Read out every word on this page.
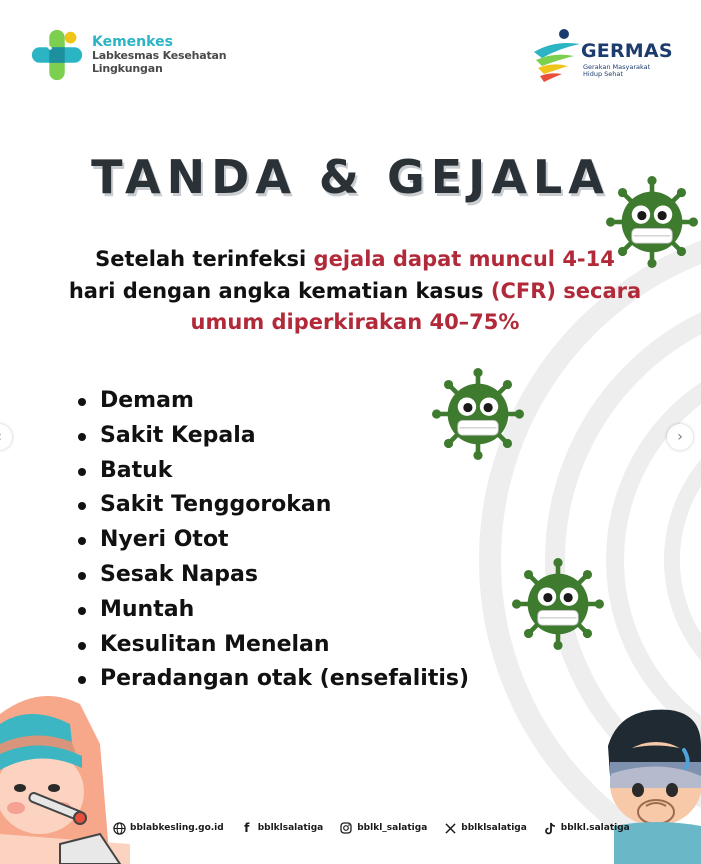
Kemenkes
Labkesmas Kesehatan Lingkungan
GERMAS
Gerakan Masyarakat
Hidup Sehat
TANDA & GEJALA
Setelah terinfeksi gejala dapat muncul 4-14
hari dengan angka kematian kasus (CFR) secara
umum diperkirakan 40–75%
Demam
Sakit Kepala
Batuk
Sakit Tenggorokan
Nyeri Otot
Sesak Napas
Muntah
Kesulitan Menelan
Peradangan otak (ensefalitis)
›
bblabkesling.go.id	f bblklsalatiga	bblkl_salatiga	bblklsalatiga	bblkl.salatiga
